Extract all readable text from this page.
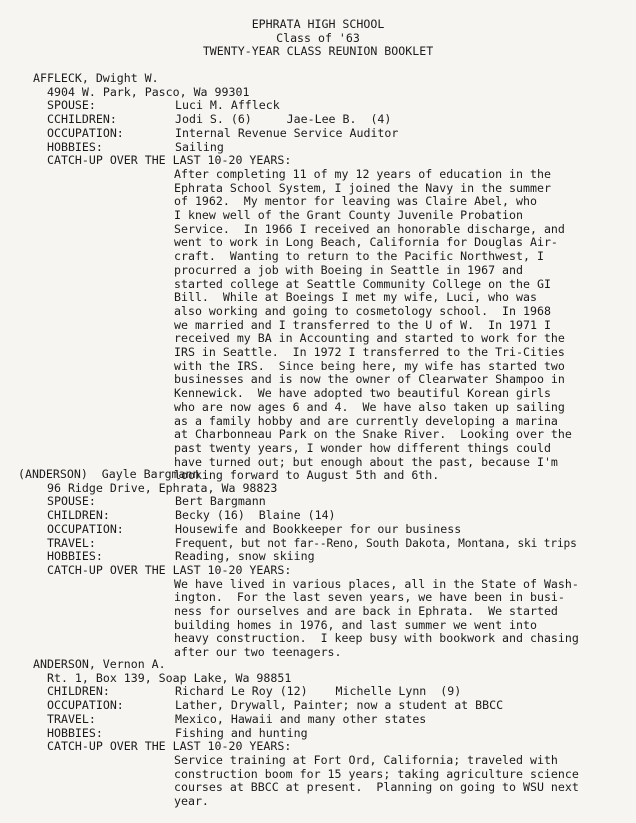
EPHRATA HIGH SCHOOL
Class of '63
TWENTY-YEAR CLASS REUNION BOOKLET
AFFLECK, Dwight W.
4904 W. Park, Pasco, Wa 99301
SPOUSE:	Luci M. Affleck
CCHILDREN:	Jodi S. (6)     Jae-Lee B.  (4)
OCCUPATION:	Internal Revenue Service Auditor
HOBBIES:	Sailing
CATCH-UP OVER THE LAST 10-20 YEARS:
After completing 11 of my 12 years of education in the
Ephrata School System, I joined the Navy in the summer
of 1962.  My mentor for leaving was Claire Abel, who
I knew well of the Grant County Juvenile Probation
Service.  In 1966 I received an honorable discharge, and
went to work in Long Beach, California for Douglas Air-
craft.  Wanting to return to the Pacific Northwest, I
procurred a job with Boeing in Seattle in 1967 and
started college at Seattle Community College on the GI
Bill.  While at Boeings I met my wife, Luci, who was
also working and going to cosmetology school.  In 1968
we married and I transferred to the U of W.  In 1971 I
received my BA in Accounting and started to work for the
IRS in Seattle.  In 1972 I transferred to the Tri-Cities
with the IRS.  Since being here, my wife has started two
businesses and is now the owner of Clearwater Shampoo in
Kennewick.  We have adopted two beautiful Korean girls
who are now ages 6 and 4.  We have also taken up sailing
as a family hobby and are currently developing a marina
at Charbonneau Park on the Snake River.  Looking over the
past twenty years, I wonder how different things could
have turned out; but enough about the past, because I'm
looking forward to August 5th and 6th.
(ANDERSON)  Gayle Bargmann
96 Ridge Drive, Ephrata, Wa 98823
SPOUSE:	Bert Bargmann
CHILDREN:	Becky (16)  Blaine (14)
OCCUPATION:	Housewife and Bookkeeper for our business
TRAVEL:	Frequent, but not far--Reno, South Dakota, Montana, ski trips
HOBBIES:	Reading, snow skiing
CATCH-UP OVER THE LAST 10-20 YEARS:
We have lived in various places, all in the State of Wash-
ington.  For the last seven years, we have been in busi-
ness for ourselves and are back in Ephrata.  We started
building homes in 1976, and last summer we went into
heavy construction.  I keep busy with bookwork and chasing
after our two teenagers.
ANDERSON, Vernon A.
Rt. 1, Box 139, Soap Lake, Wa 98851
CHILDREN:	Richard Le Roy (12)    Michelle Lynn  (9)
OCCUPATION:	Lather, Drywall, Painter; now a student at BBCC
TRAVEL:	Mexico, Hawaii and many other states
HOBBIES:	Fishing and hunting
CATCH-UP OVER THE LAST 10-20 YEARS:
Service training at Fort Ord, California; traveled with
construction boom for 15 years; taking agriculture science
courses at BBCC at present.  Planning on going to WSU next
year.
